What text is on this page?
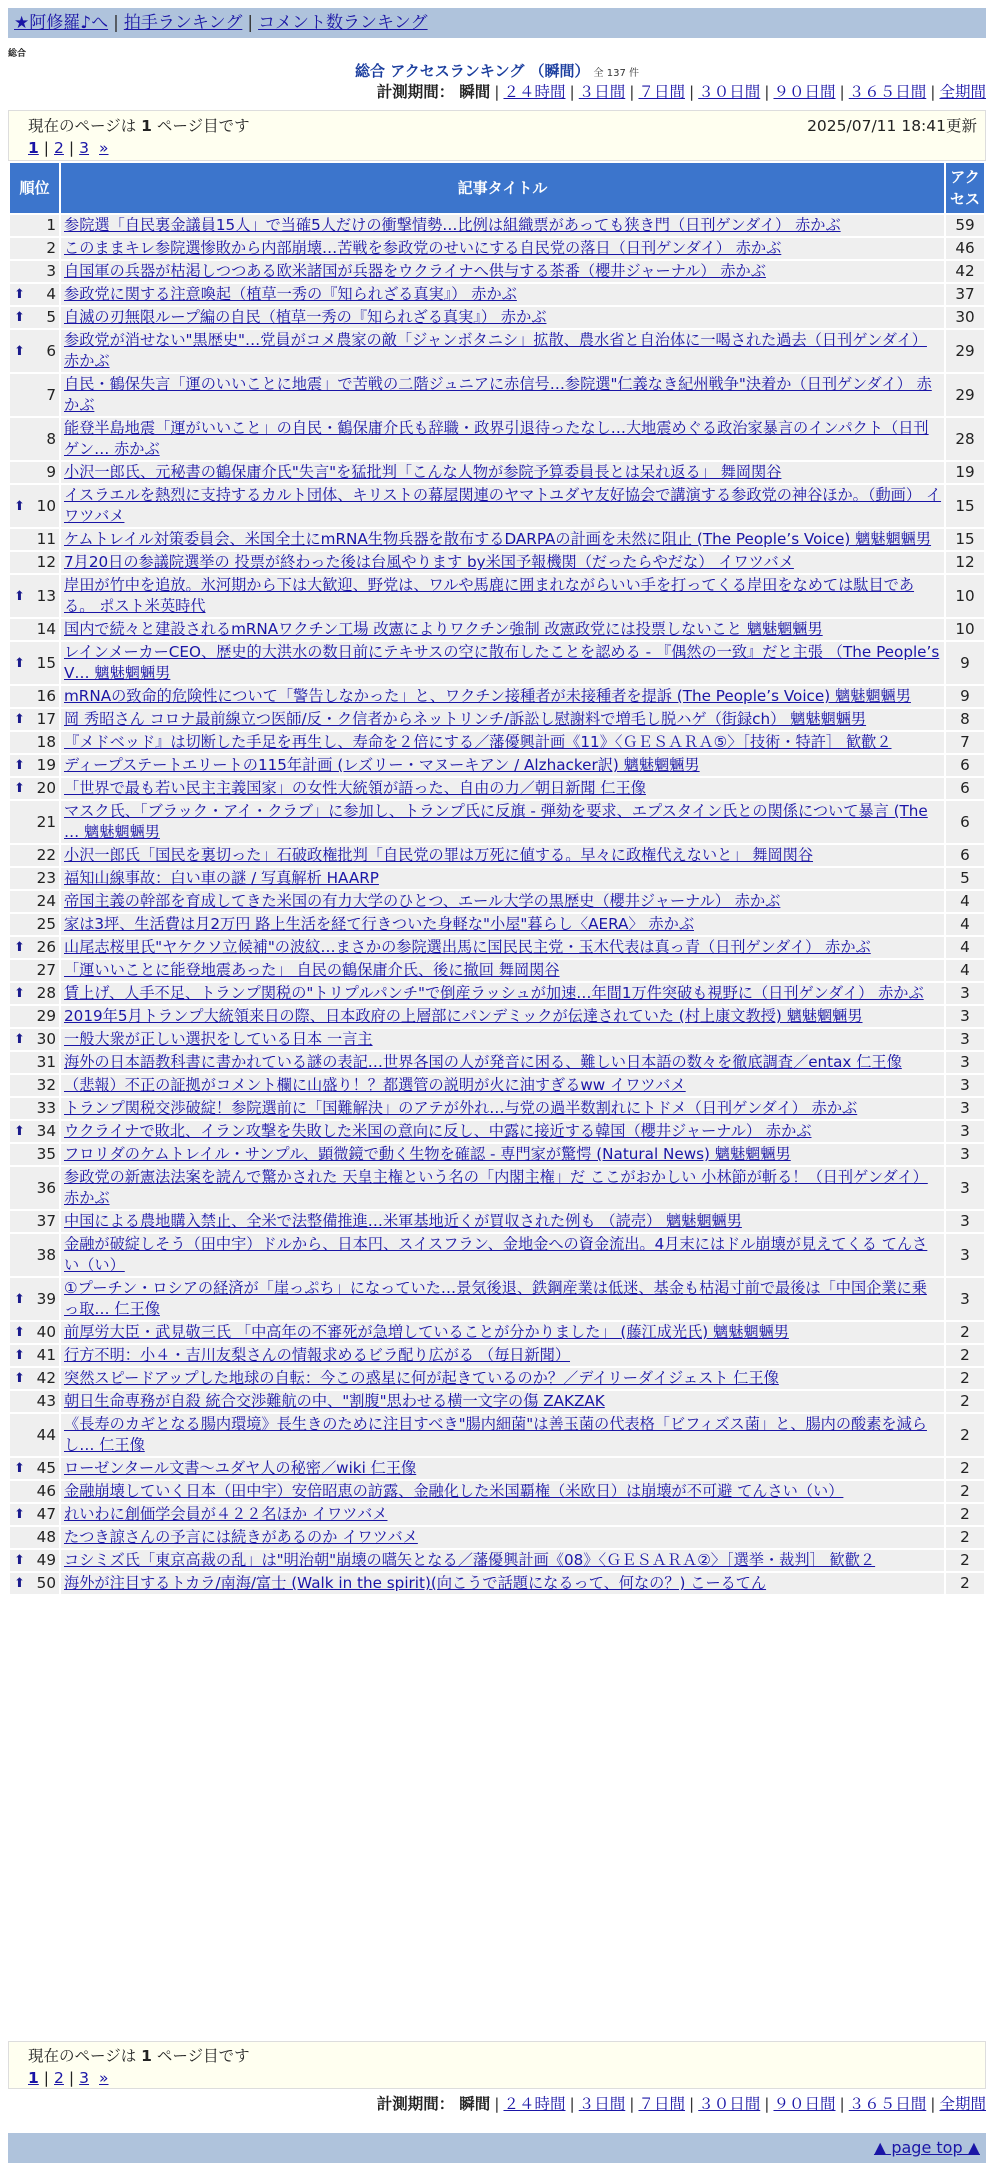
★阿修羅♪へ | 拍手ランキング | コメント数ランキング
総合
総合 アクセスランキング （瞬間） 全 137 件
計測期間： 瞬間 | ２４時間 | ３日間 | ７日間 | ３０日間 | ９０日間 | ３６５日間 | 全期間
現在のページは 1 ページ目です	2025/07/11 18:41更新
1 | 2 | 3 »
順位	記事タイトル	アクセス
1	参院選「自民裏金議員15人」で当確5人だけの衝撃情勢…比例は組織票があっても狭き門（日刊ゲンダイ） 赤かぶ	59
2	このままキレ参院選惨敗から内部崩壊…苦戦を参政党のせいにする自民党の落日（日刊ゲンダイ） 赤かぶ	46
3	自国軍の兵器が枯渇しつつある欧米諸国が兵器をウクライナへ供与する茶番（櫻井ジャーナル） 赤かぶ	42

⬆ 4	参政党に関する注意喚起（植草一秀の『知られざる真実』） 赤かぶ	37

⬆ 5	自滅の刃無限ループ編の自民（植草一秀の『知られざる真実』） 赤かぶ	30

⬆ 6	参政党が消せない"黒歴史"…党員がコメ農家の敵「ジャンボタニシ」拡散、農水省と自治体に一喝された過去（日刊ゲンダイ） 赤かぶ	29
7	自民・鶴保失言「運のいいことに地震」で苦戦の二階ジュニアに赤信号…参院選"仁義なき紀州戦争"決着か（日刊ゲンダイ） 赤かぶ	29
8	能登半島地震「運がいいこと」の自民・鶴保庸介氏も辞職・政界引退待ったなし…大地震めぐる政治家暴言のインパクト（日刊ゲン… 赤かぶ	28
9	小沢一郎氏、元秘書の鶴保庸介氏"失言"を猛批判「こんな人物が参院予算委員長とは呆れ返る」 舞岡関谷	19

⬆ 10	イスラエルを熱烈に支持するカルト団体、キリストの幕屋関連のヤマトユダヤ友好協会で講演する参政党の神谷ほか。（動画） イワツバメ	15
11	ケムトレイル対策委員会、米国全土にmRNA生物兵器を散布するDARPAの計画を未然に阻止 (The People’s Voice) 魑魅魍魎男	15
12	7月20日の参議院選挙の 投票が終わった後は台風やります by米国予報機関（だったらやだな） イワツバメ	12

⬆ 13	岸田が竹中を追放。氷河期から下は大歓迎、野党は、ワルや馬鹿に囲まれながらいい手を打ってくる岸田をなめては駄目である。 ポスト米英時代	10
14	国内で続々と建設されるmRNAワクチン工場 改憲によりワクチン強制 改憲政党には投票しないこと 魑魅魍魎男	10

⬆ 15	レインメーカーCEO、歴史的大洪水の数日前にテキサスの空に散布したことを認める - 『偶然の一致』だと主張 （The People’s V… 魑魅魍魎男	9
16	mRNAの致命的危険性について「警告しなかった」と、ワクチン接種者が未接種者を提訴 (The People’s Voice) 魑魅魍魎男	9

⬆ 17	岡 秀昭さん コロナ最前線立つ医師/反・ク信者からネットリンチ/訴訟し慰謝料で増毛し脱ハゲ（街録ch） 魑魅魍魎男	8
18	『メドベッド』は切断した手足を再生し、寿命を２倍にする／藩優興計画《11》〈ＧＥＳＡＲＡ⑤〉［技術・特許］ 歓歡２	7

⬆ 19	ディープステートエリートの115年計画 (レズリー・マヌーキアン / Alzhacker訳) 魑魅魍魎男	6

⬆ 20	「世界で最も若い民主主義国家」の女性大統領が語った、自由の力／朝日新聞 仁王像	6
21	マスク氏、「ブラック・アイ・クラブ」に参加し、トランプ氏に反旗 - 弾劾を要求、エプスタイン氏との関係について暴言 (The … 魑魅魍魎男	6
22	小沢一郎氏「国民を裏切った」石破政権批判「自民党の罪は万死に値する。早々に政権代えないと」 舞岡関谷	6
23	福知山線事故：白い車の謎 / 写真解析 HAARP	5
24	帝国主義の幹部を育成してきた米国の有力大学のひとつ、エール大学の黒歴史（櫻井ジャーナル） 赤かぶ	4
25	家は3坪、生活費は月2万円 路上生活を経て行きついた身軽な"小屋"暮らし〈AERA〉 赤かぶ	4

⬆ 26	山尾志桜里氏"ヤケクソ立候補"の波紋…まさかの参院選出馬に国民民主党・玉木代表は真っ青（日刊ゲンダイ） 赤かぶ	4
27	「運いいことに能登地震あった」 自民の鶴保庸介氏、後に撤回 舞岡関谷	4

⬆ 28	賃上げ、人手不足、トランプ関税の"トリプルパンチ"で倒産ラッシュが加速…年間1万件突破も視野に（日刊ゲンダイ） 赤かぶ	3
29	2019年5月トランプ大統領来日の際、日本政府の上層部にパンデミックが伝達されていた (村上康文教授) 魑魅魍魎男	3

⬆ 30	一般大衆が正しい選択をしている日本 一言主	3
31	海外の日本語教科書に書かれている謎の表記…世界各国の人が発音に困る、難しい日本語の数々を徹底調査／entax 仁王像	3
32	（悲報）不正の証拠がコメント欄に山盛り！？都選管の説明が火に油すぎるww イワツバメ	3
33	トランプ関税交渉破綻！参院選前に「国難解決」のアテが外れ…与党の過半数割れにトドメ（日刊ゲンダイ） 赤かぶ	3

⬆ 34	ウクライナで敗北、イラン攻撃を失敗した米国の意向に反し、中露に接近する韓国（櫻井ジャーナル） 赤かぶ	3
35	フロリダのケムトレイル・サンプル、顕微鏡で動く生物を確認 - 専門家が驚愕 (Natural News) 魑魅魍魎男	3
36	参政党の新憲法法案を読んで驚かされた 天皇主権という名の「内閣主権」だ ここがおかしい 小林節が斬る！（日刊ゲンダイ） 赤かぶ	3
37	中国による農地購入禁止、全米で法整備推進…米軍基地近くが買収された例も （読売） 魑魅魍魎男	3
38	金融が破綻しそう（田中宇）ドルから、日本円、スイスフラン、金地金への資金流出。4月末にはドル崩壊が見えてくる てんさい（い）	3

⬆ 39	①プーチン・ロシアの経済が「崖っぷち」になっていた…景気後退、鉄鋼産業は低迷、基金も枯渇寸前で最後は「中国企業に乗っ取… 仁王像	3

⬆ 40	前厚労大臣・武見敬三氏 「中高年の不審死が急増していることが分かりました」 (藤江成光氏) 魑魅魍魎男	2

⬆ 41	行方不明：小４・吉川友梨さんの情報求めるビラ配り広がる （毎日新聞）	2

⬆ 42	突然スピードアップした地球の自転：今この惑星に何が起きているのか？／デイリーダイジェスト 仁王像	2
43	朝日生命専務が自殺 統合交渉難航の中、"割腹"思わせる横一文字の傷 ZAKZAK	2
44	《長寿のカギとなる腸内環境》長生きのために注目すべき"腸内細菌"は善玉菌の代表格「ビフィズス菌」と、腸内の酸素を減らし… 仁王像	2

⬆ 45	ローゼンタール文書〜ユダヤ人の秘密／wiki 仁王像	2
46	金融崩壊していく日本（田中宇）安倍昭恵の訪露、金融化した米国覇権（米欧日）は崩壊が不可避 てんさい（い）	2

⬆ 47	れいわに創価学会員が４２２名ほか イワツバメ	2
48	たつき諒さんの予言には続きがあるのか イワツバメ	2

⬆ 49	コシミズ氏「東京高裁の乱」は"明治朝"崩壊の嚆矢となる／藩優興計画《08》〈ＧＥＳＡＲＡ②〉［選挙・裁判］ 歓歡２	2

⬆ 50	海外が注目するトカラ/南海/富士 (Walk in the spirit)(向こうで話題になるって、何なの？) こーるてん	2
現在のページは 1 ページ目です
1 | 2 | 3 »
計測期間： 瞬間 | ２４時間 | ３日間 | ７日間 | ３０日間 | ９０日間 | ３６５日間 | 全期間
▲ page top ▲
